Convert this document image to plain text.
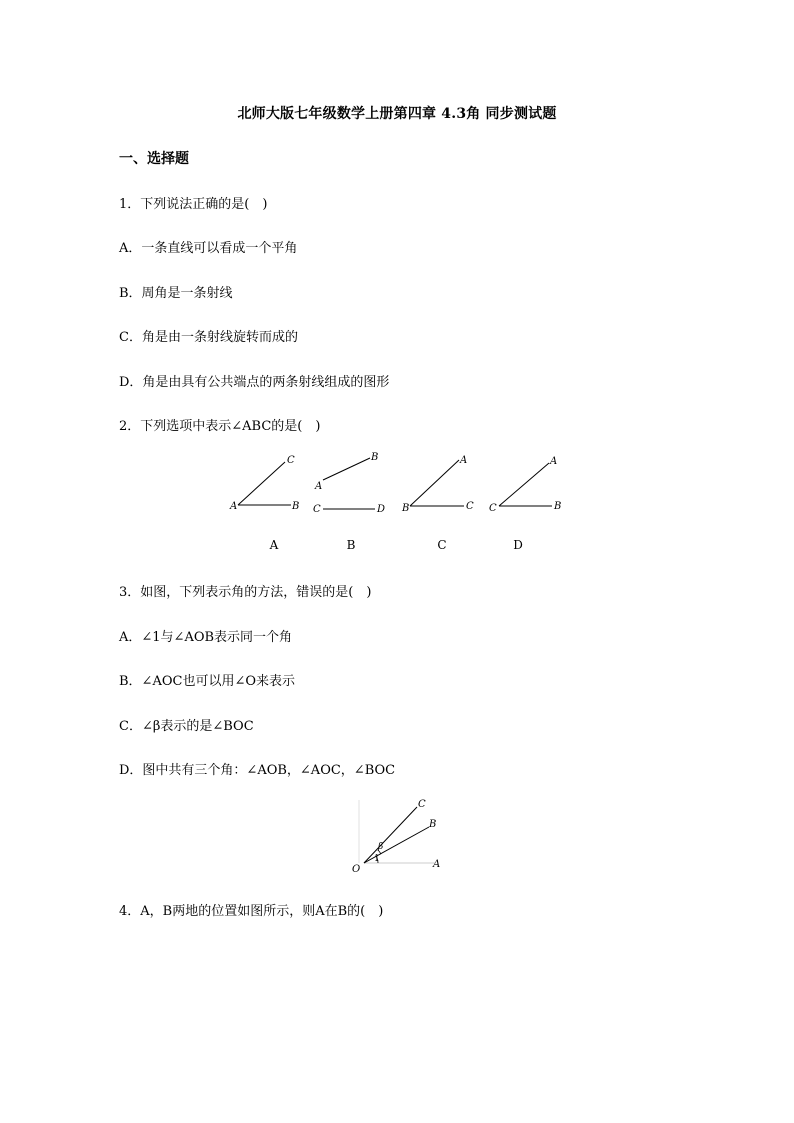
北师大版七年级数学上册第四章 4.3角 同步测试题
一、选择题
1．下列说法正确的是(　)
A．一条直线可以看成一个平角
B．周角是一条射线
C．角是由一条射线旋转而成的
D．角是由具有公共端点的两条射线组成的图形
2．下列选项中表示∠ABC的是(　)
C
A	B
B
A
C	D
A
B	C
A
C	B
A	B	C	D
3．如图，下列表示角的方法，错误的是(　)
A．∠1与∠AOB表示同一个角
B．∠AOC也可以用∠O来表示
C．∠β表示的是∠BOC
D．图中共有三个角：∠AOB，∠AOC，∠BOC
C
B
β
1
O	A
4．A，B两地的位置如图所示，则A在B的(　)
